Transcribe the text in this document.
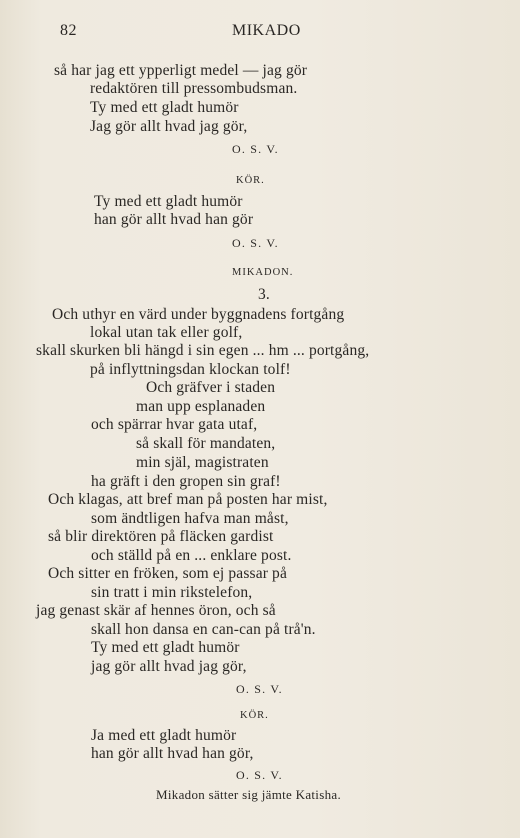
82	MIKADO
så har jag ett ypperligt medel — jag gör
redaktören till pressombudsman.
Ty med ett gladt humör
Jag gör allt hvad jag gör,
O. S. V.
KÖR.
Ty med ett gladt humör
han gör allt hvad han gör
O. S. V.
MIKADON.
3.
Och uthyr en värd under byggnadens fortgång
lokal utan tak eller golf,
skall skurken bli hängd i sin egen ... hm ... portgång,
på inflyttningsdan klockan tolf!
Och gräfver i staden
man upp esplanaden
och spärrar hvar gata utaf,
så skall för mandaten,
min själ, magistraten
ha gräft i den gropen sin graf!
Och klagas, att bref man på posten har mist,
som ändtligen hafva man måst,
så blir direktören på fläcken gardist
och ställd på en ... enklare post.
Och sitter en fröken, som ej passar på
sin tratt i min rikstelefon,
jag genast skär af hennes öron, och så
skall hon dansa en can-can på trå'n.
Ty med ett gladt humör
jag gör allt hvad jag gör,
O. S. V.
KÖR.
Ja med ett gladt humör
han gör allt hvad han gör,
O. S. V.
Mikadon sätter sig jämte Katisha.
